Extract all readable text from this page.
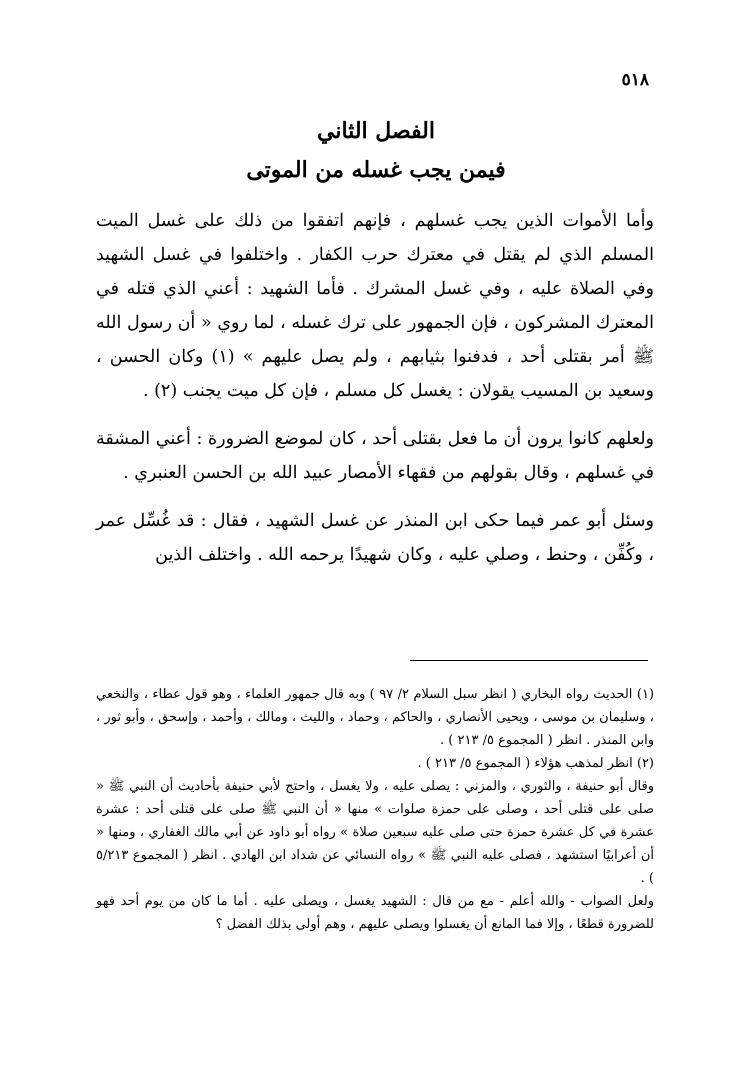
٥١٨
الفصل الثاني
فيمن يجب غسله من الموتى

وأما الأموات الذين يجب غسلهم ، فإنهم اتفقوا من ذلك على غسل الميت المسلم الذي لم يقتل في معترك حرب الكفار . واختلفوا في غسل الشهيد وفي الصلاة عليه ، وفي غسل المشرك . فأما الشهيد : أعني الذي قتله في المعترك المشركون ، فإن الجمهور على ترك غسله ، لما روي « أن رسول الله ﷺ أمر بقتلى أحد ، فدفنوا بثيابهم ، ولم يصل عليهم » (١) وكان الحسن ، وسعيد بن المسيب يقولان : يغسل كل مسلم ، فإن كل ميت يجنب (٢) .

ولعلهم كانوا يرون أن ما فعل بقتلى أحد ، كان لموضع الضرورة : أعني المشقة في غسلهم ، وقال بقولهم من فقهاء الأمصار عبيد الله بن الحسن العنبري .

وسئل أبو عمر فيما حكى ابن المنذر عن غسل الشهيد ، فقال : قد غُسِّل عمر ، وكُفِّن ، وحنط ، وصلي عليه ، وكان شهيدًا يرحمه الله . واختلف الذين

(١) الحديث رواه البخاري ( انظر سبل السلام ٢/ ٩٧ ) وبه قال جمهور العلماء ، وهو قول عطاء ، والنخعي ، وسليمان بن موسى ، ويحيى الأنصاري ، والحاكم ، وحماد ، والليث ، ومالك ، وأحمد ، وإسحق ، وأبو ثور ، وابن المنذر . انظر ( المجموع ٥/ ٢١٣ ) .

(٢) انظر لمذهب هؤلاء ( المجموع ٥/ ٢١٣ ) .

وقال أبو حنيفة ، والثوري ، والمزني : يصلى عليه ، ولا يغسل ، واحتج لأبي حنيفة بأحاديث أن النبي ﷺ « صلى على قتلى أحد ، وصلى على حمزة صلوات » منها « أن النبي ﷺ صلى على قتلى أحد : عشرة عشرة في كل عشرة حمزة حتى صلى عليه سبعين صلاة » رواه أبو داود عن أبي مالك الغفاري ، ومنها « أن أعرابيًا استشهد ، فصلى عليه النبي ﷺ » رواه النسائي عن شداد ابن الهادي . انظر ( المجموع ٥/٢١٣ ) .

ولعل الصواب - والله أعلم - مع من قال : الشهيد يغسل ، ويصلى عليه . أما ما كان من يوم أحد فهو للضرورة قطعًا ، وإلا فما المانع أن يغسلوا ويصلى عليهم ، وهم أولى بذلك الفضل ؟
